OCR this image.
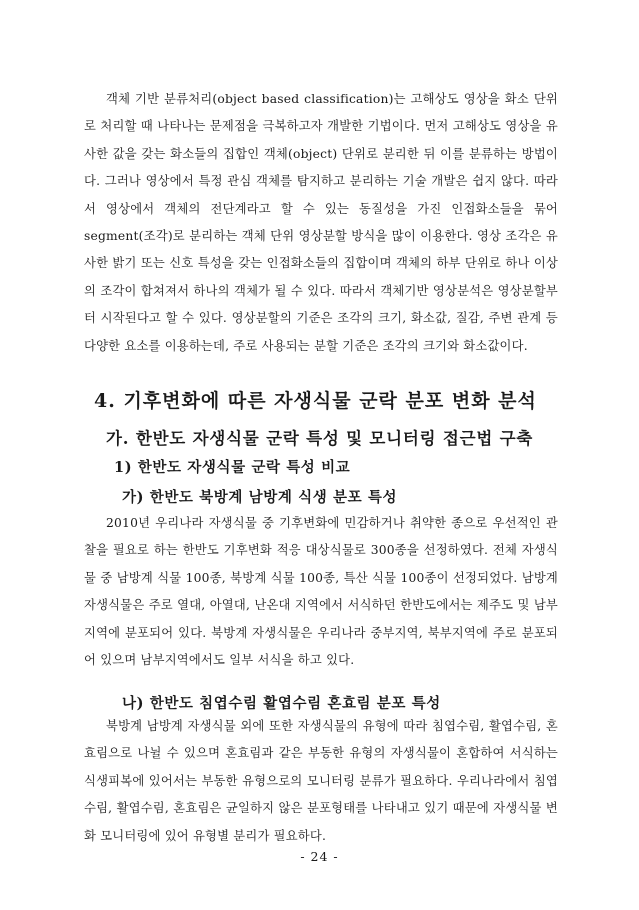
객체 기반 분류처리(object based classification)는 고해상도 영상을 화소 단위로 처리할 때 나타나는 문제점을 극복하고자 개발한 기법이다. 먼저 고해상도 영상을 유사한 값을 갖는 화소들의 집합인 객체(object) 단위로 분리한 뒤 이를 분류하는 방법이다. 그러나 영상에서 특정 관심 객체를 탐지하고 분리하는 기술 개발은 쉽지 않다. 따라서 영상에서 객체의 전단계라고 할 수 있는 동질성을 가진 인접화소들을 묶어 segment(조각)로 분리하는 객체 단위 영상분할 방식을 많이 이용한다. 영상 조각은 유사한 밝기 또는 신호 특성을 갖는 인접화소들의 집합이며 객체의 하부 단위로 하나 이상의 조각이 합쳐져서 하나의 객체가 될 수 있다. 따라서 객체기반 영상분석은 영상분할부터 시작된다고 할 수 있다. 영상분할의 기준은 조각의 크기, 화소값, 질감, 주변 관계 등 다양한 요소를 이용하는데, 주로 사용되는 분할 기준은 조각의 크기와 화소값이다.

4. 기후변화에 따른 자생식물 군락 분포 변화 분석
가. 한반도 자생식물 군락 특성 및 모니터링 접근법 구축
1) 한반도 자생식물 군락 특성 비교
가) 한반도 북방계 남방계 식생 분포 특성

2010년 우리나라 자생식물 중 기후변화에 민감하거나 취약한 종으로 우선적인 관찰을 필요로 하는 한반도 기후변화 적응 대상식물로 300종을 선정하였다. 전체 자생식물 중 남방계 식물 100종, 북방계 식물 100종, 특산 식물 100종이 선정되었다. 남방계 자생식물은 주로 열대, 아열대, 난온대 지역에서 서식하던 한반도에서는 제주도 및 남부지역에 분포되어 있다. 북방계 자생식물은 우리나라 중부지역, 북부지역에 주로 분포되어 있으며 남부지역에서도 일부 서식을 하고 있다.

나) 한반도 침엽수림 활엽수림 혼효림 분포 특성

북방계 남방계 자생식물 외에 또한 자생식물의 유형에 따라 침엽수림, 활엽수림, 혼효림으로 나뉠 수 있으며 혼효림과 같은 부동한 유형의 자생식물이 혼합하여 서식하는 식생피복에 있어서는 부동한 유형으로의 모니터링 분류가 필요하다. 우리나라에서 침엽수림, 활엽수림, 혼효림은 균일하지 않은 분포형태를 나타내고 있기 때문에 자생식물 변화 모니터링에 있어 유형별 분리가 필요하다.

- 24 -
